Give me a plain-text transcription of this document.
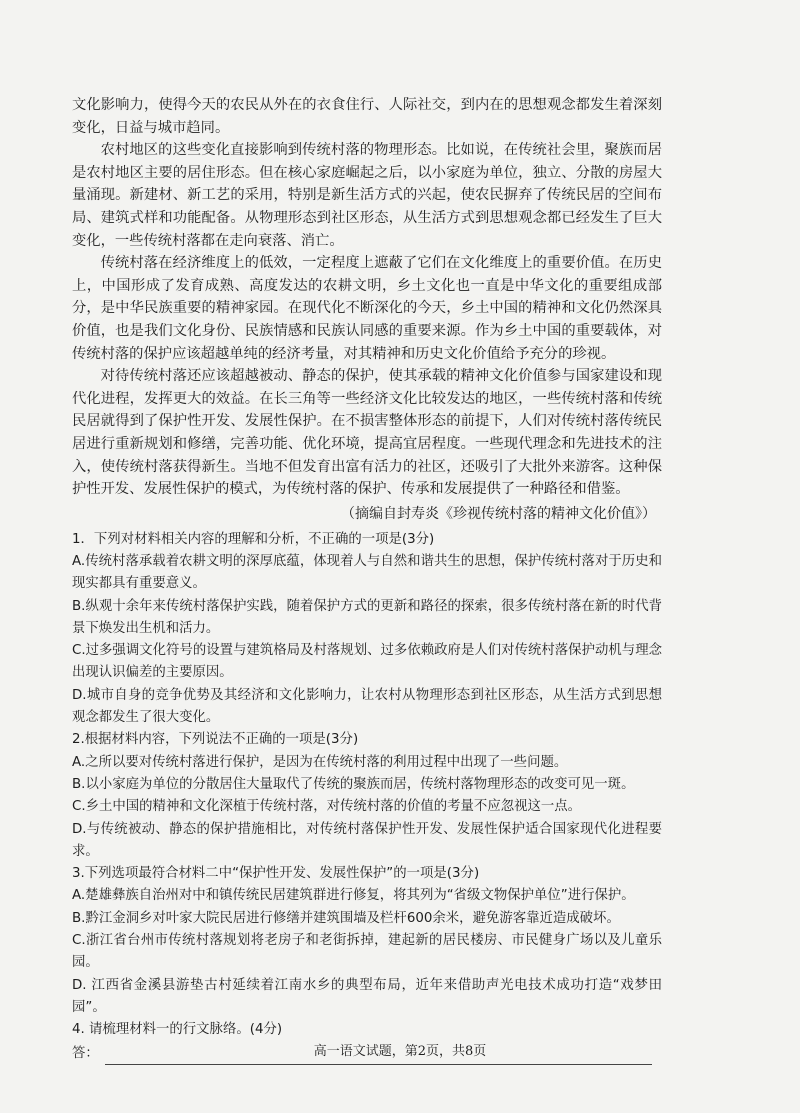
文化影响力，使得今天的农民从外在的衣食住行、人际社交，到内在的思想观念都发生着深刻变化，日益与城市趋同。

农村地区的这些变化直接影响到传统村落的物理形态。比如说，在传统社会里，聚族而居是农村地区主要的居住形态。但在核心家庭崛起之后，以小家庭为单位，独立、分散的房屋大量涌现。新建材、新工艺的采用，特别是新生活方式的兴起，使农民摒弃了传统民居的空间布局、建筑式样和功能配备。从物理形态到社区形态，从生活方式到思想观念都已经发生了巨大变化，一些传统村落都在走向衰落、消亡。

传统村落在经济维度上的低效，一定程度上遮蔽了它们在文化维度上的重要价值。在历史上，中国形成了发育成熟、高度发达的农耕文明，乡土文化也一直是中华文化的重要组成部分，是中华民族重要的精神家园。在现代化不断深化的今天，乡土中国的精神和文化仍然深具价值，也是我们文化身份、民族情感和民族认同感的重要来源。作为乡土中国的重要载体，对传统村落的保护应该超越单纯的经济考量，对其精神和历史文化价值给予充分的珍视。

对待传统村落还应该超越被动、静态的保护，使其承载的精神文化价值参与国家建设和现代化进程，发挥更大的效益。在长三角等一些经济文化比较发达的地区，一些传统村落和传统民居就得到了保护性开发、发展性保护。在不损害整体形态的前提下，人们对传统村落传统民居进行重新规划和修缮，完善功能、优化环境，提高宜居程度。一些现代理念和先进技术的注入，使传统村落获得新生。当地不但发育出富有活力的社区，还吸引了大批外来游客。这种保护性开发、发展性保护的模式，为传统村落的保护、传承和发展提供了一种路径和借鉴。

（摘编自封寿炎《珍视传统村落的精神文化价值》）

1．下列对材料相关内容的理解和分析，不正确的一项是(3分)

A.传统村落承载着农耕文明的深厚底蕴，体现着人与自然和谐共生的思想，保护传统村落对于历史和现实都具有重要意义。

B.纵观十余年来传统村落保护实践，随着保护方式的更新和路径的探索，很多传统村落在新的时代背景下焕发出生机和活力。

C.过多强调文化符号的设置与建筑格局及村落规划、过多依赖政府是人们对传统村落保护动机与理念出现认识偏差的主要原因。

D.城市自身的竞争优势及其经济和文化影响力，让农村从物理形态到社区形态，从生活方式到思想观念都发生了很大变化。

2.根据材料内容，下列说法不正确的一项是(3分)

A.之所以要对传统村落进行保护，是因为在传统村落的利用过程中出现了一些问题。

B.以小家庭为单位的分散居住大量取代了传统的聚族而居，传统村落物理形态的改变可见一斑。

C.乡土中国的精神和文化深植于传统村落，对传统村落的价值的考量不应忽视这一点。

D.与传统被动、静态的保护措施相比，对传统村落保护性开发、发展性保护适合国家现代化进程要求。

3.下列选项最符合材料二中“保护性开发、发展性保护”的一项是(3分)

A.楚雄彝族自治州对中和镇传统民居建筑群进行修复，将其列为“省级文物保护单位”进行保护。

B.黔江金洞乡对叶家大院民居进行修缮并建筑围墙及栏杆600余米，避免游客靠近造成破坏。

C.浙江省台州市传统村落规划将老房子和老街拆掉，建起新的居民楼房、市民健身广场以及儿童乐园。

D. 江西省金溪县游垫古村延续着江南水乡的典型布局，近年来借助声光电技术成功打造“戏梦田园”。

4. 请梳理材料一的行文脉络。(4分)

答：	高一语文试题，第2页，共8页
